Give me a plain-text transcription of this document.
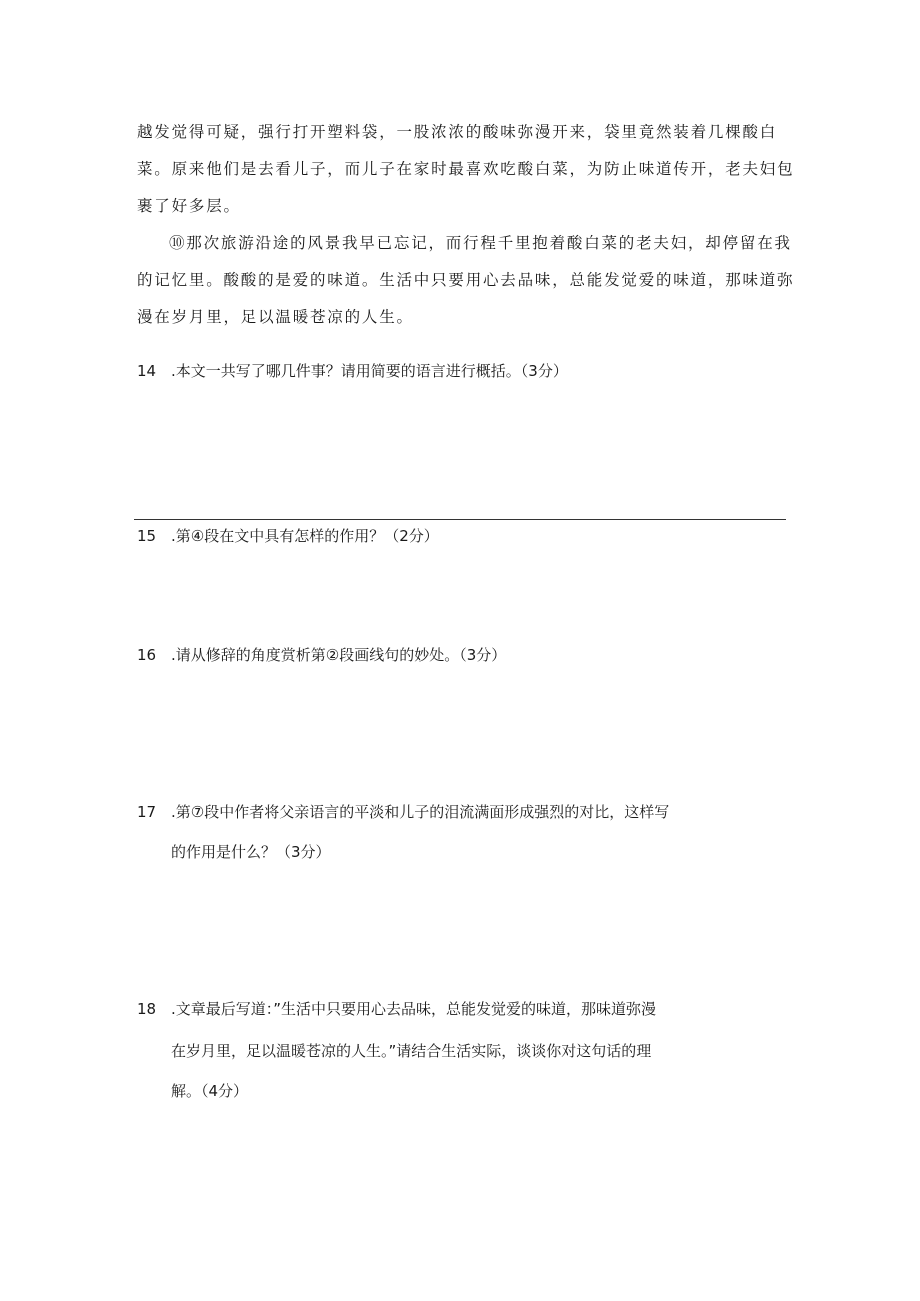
越发觉得可疑，强行打开塑料袋，一股浓浓的酸味弥漫开来，袋里竟然装着几棵酸白菜。原来他们是去看儿子，而儿子在家时最喜欢吃酸白菜，为防止味道传开，老夫妇包裹了好多层。

⑩那次旅游沿途的风景我早已忘记，而行程千里抱着酸白菜的老夫妇，却停留在我的记忆里。酸酸的是爱的味道。生活中只要用心去品味，总能发觉爱的味道，那味道弥漫在岁月里，足以温暖苍凉的人生。

14 .本文一共写了哪几件事？请用简要的语言进行概括。（3分）
15 .第④段在文中具有怎样的作用？（2分）
16 .请从修辞的角度赏析第②段画线句的妙处。（3分）
17 .第⑦段中作者将父亲语言的平淡和儿子的泪流满面形成强烈的对比，这样写
的作用是什么？（3分）
18 .文章最后写道：”生活中只要用心去品味，总能发觉爱的味道，那味道弥漫
在岁月里，足以温暖苍凉的人生。”请结合生活实际，谈谈你对这句话的理
解。（4分）
